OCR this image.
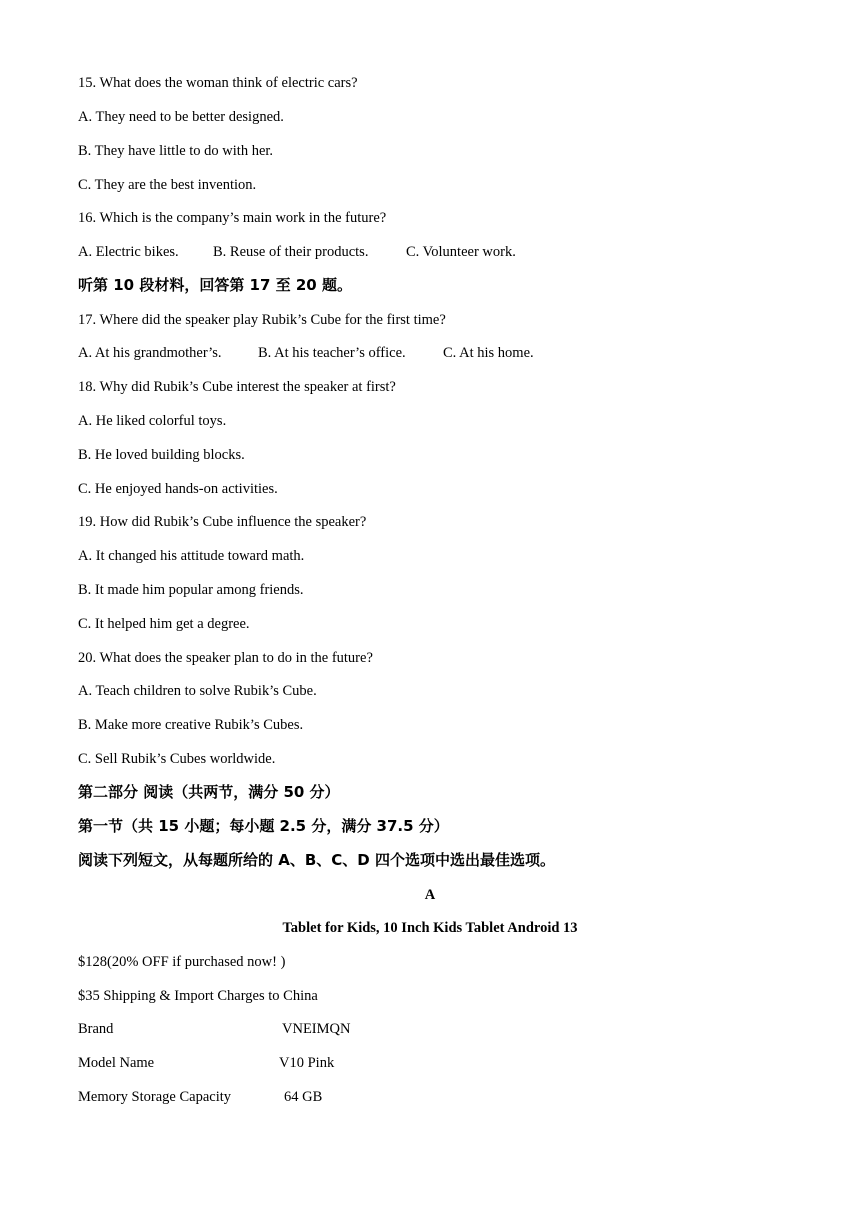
15. What does the woman think of electric cars?
A. They need to be better designed.
B. They have little to do with her.
C. They are the best invention.
16. Which is the company’s main work in the future?
A. Electric bikes. B. Reuse of their products.	C. Volunteer work.
听第 10 段材料，回答第 17 至 20 题。
17. Where did the speaker play Rubik’s Cube for the first time?
A. At his grandmother’s.	B. At his teacher’s office.	C. At his home.
18. Why did Rubik’s Cube interest the speaker at first?
A. He liked colorful toys.
B. He loved building blocks.
C. He enjoyed hands-on activities.
19. How did Rubik’s Cube influence the speaker?
A. It changed his attitude toward math.
B. It made him popular among friends.
C. It helped him get a degree.
20. What does the speaker plan to do in the future?
A. Teach children to solve Rubik’s Cube.
B. Make more creative Rubik’s Cubes.
C. Sell Rubik’s Cubes worldwide.
第二部分 阅读（共两节，满分 50 分）
第一节（共 15 小题；每小题 2.5 分，满分 37.5 分）
阅读下列短文，从每题所给的 A、B、C、D 四个选项中选出最佳选项。
A
Tablet for Kids, 10 Inch Kids Tablet Android 13
$128(20% OFF if purchased now! )
$35 Shipping & Import Charges to China
Brand	VNEIMQN
Model Name	V10 Pink
Memory Storage Capacity	64 GB
